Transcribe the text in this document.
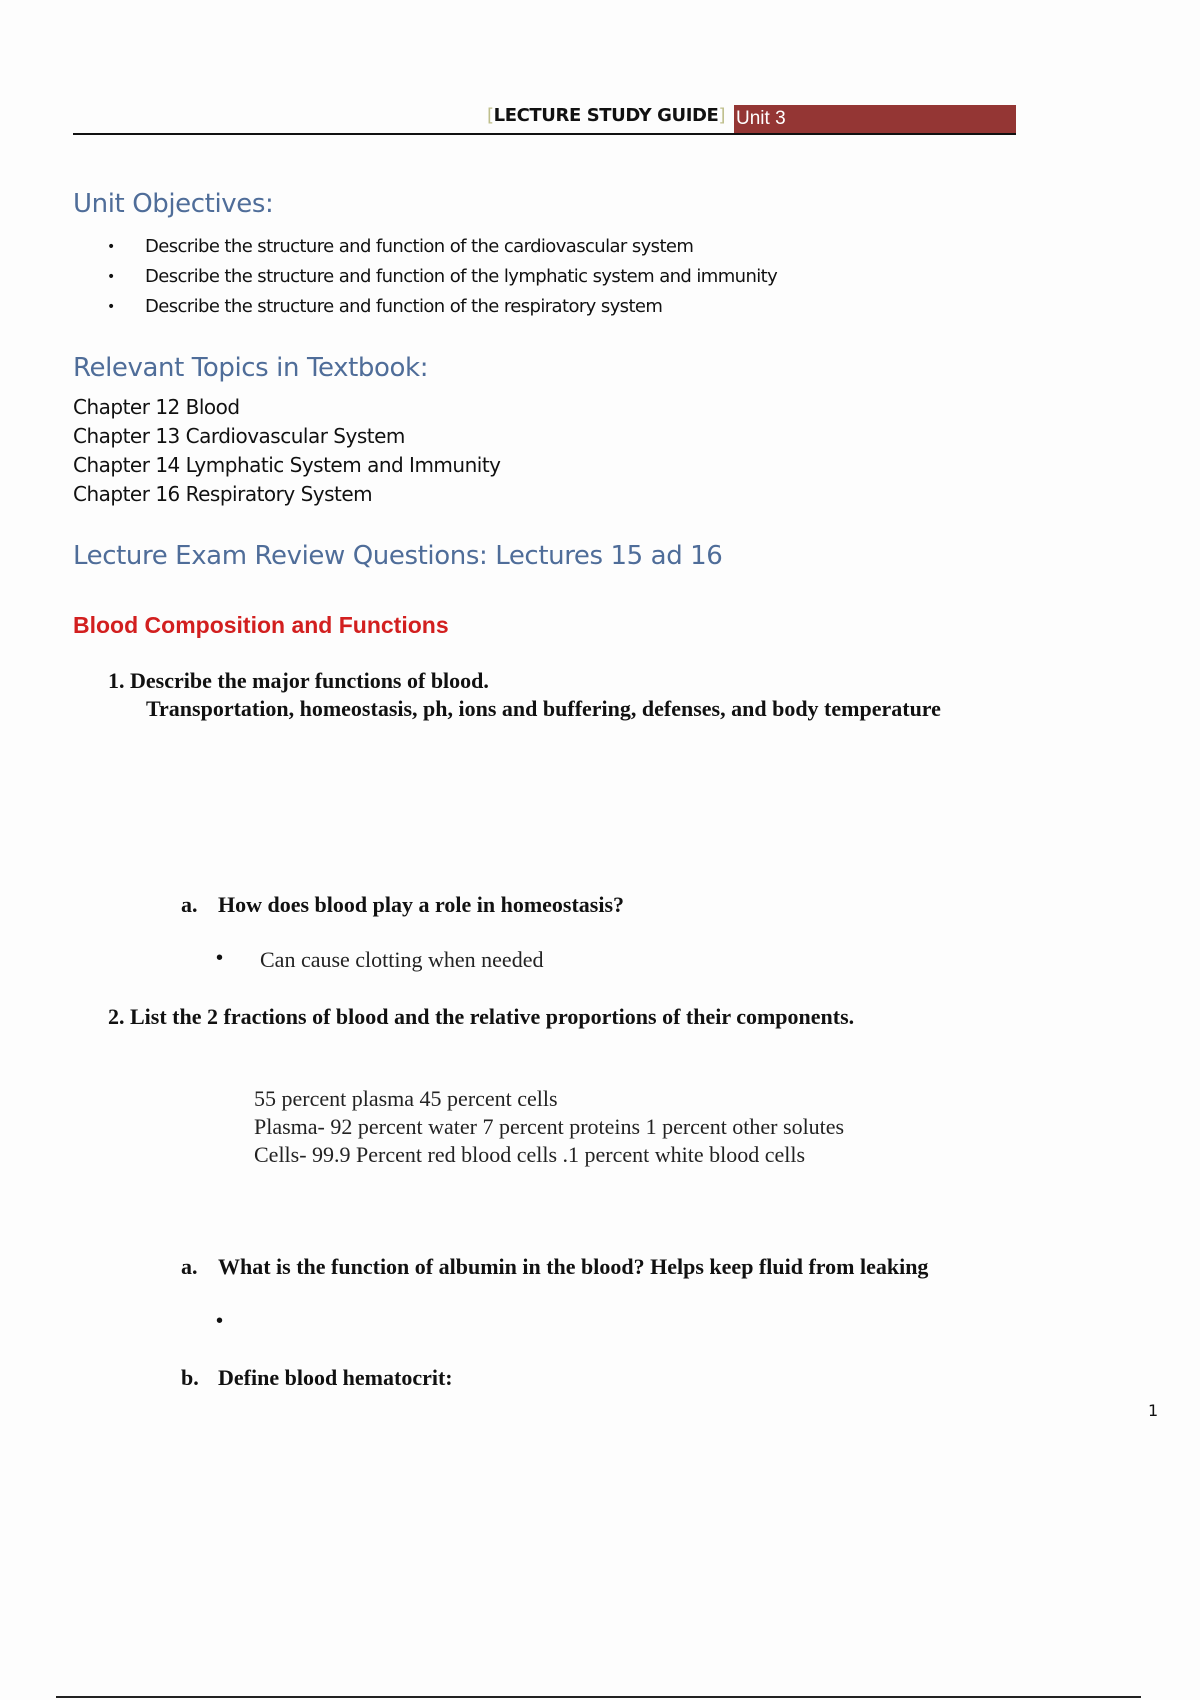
[LECTURE STUDY GUIDE] Unit 3
Unit Objectives:
• Describe the structure and function of the cardiovascular system
• Describe the structure and function of the lymphatic system and immunity
• Describe the structure and function of the respiratory system
Relevant Topics in Textbook:
Chapter 12 Blood
Chapter 13 Cardiovascular System
Chapter 14 Lymphatic System and Immunity
Chapter 16 Respiratory System
Lecture Exam Review Questions: Lectures 15 ad 16
Blood Composition and Functions
1. Describe the major functions of blood.
Transportation, homeostasis, ph, ions and buffering, defenses, and body temperature
a. How does blood play a role in homeostasis?
• Can cause clotting when needed
2. List the 2 fractions of blood and the relative proportions of their components.
55 percent plasma 45 percent cells
Plasma- 92 percent water 7 percent proteins 1 percent other solutes
Cells- 99.9 Percent red blood cells .1 percent white blood cells
a. What is the function of albumin in the blood? Helps keep fluid from leaking
•
b. Define blood hematocrit:
1
